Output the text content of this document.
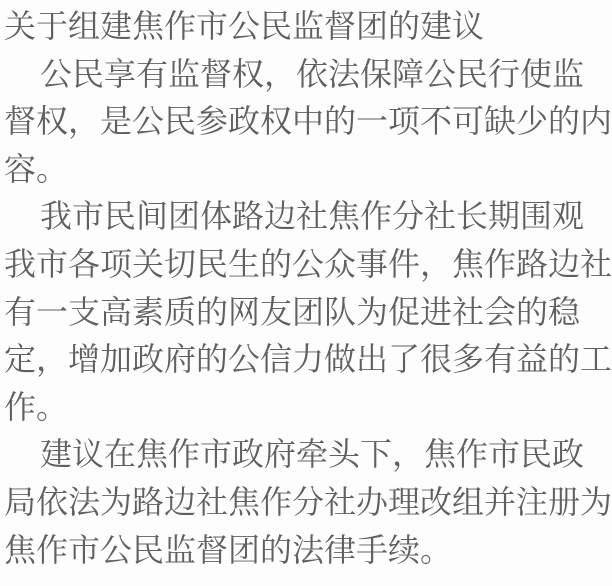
关于组建焦作市公民监督团的建议

公民享有监督权，依法保障公民行使监督权，是公民参政权中的一项不可缺少的内容。

我市民间团体路边社焦作分社长期围观我市各项关切民生的公众事件，焦作路边社有一支高素质的网友团队为促进社会的稳定，增加政府的公信力做出了很多有益的工作。

建议在焦作市政府牵头下，焦作市民政局依法为路边社焦作分社办理改组并注册为焦作市公民监督团的法律手续。
